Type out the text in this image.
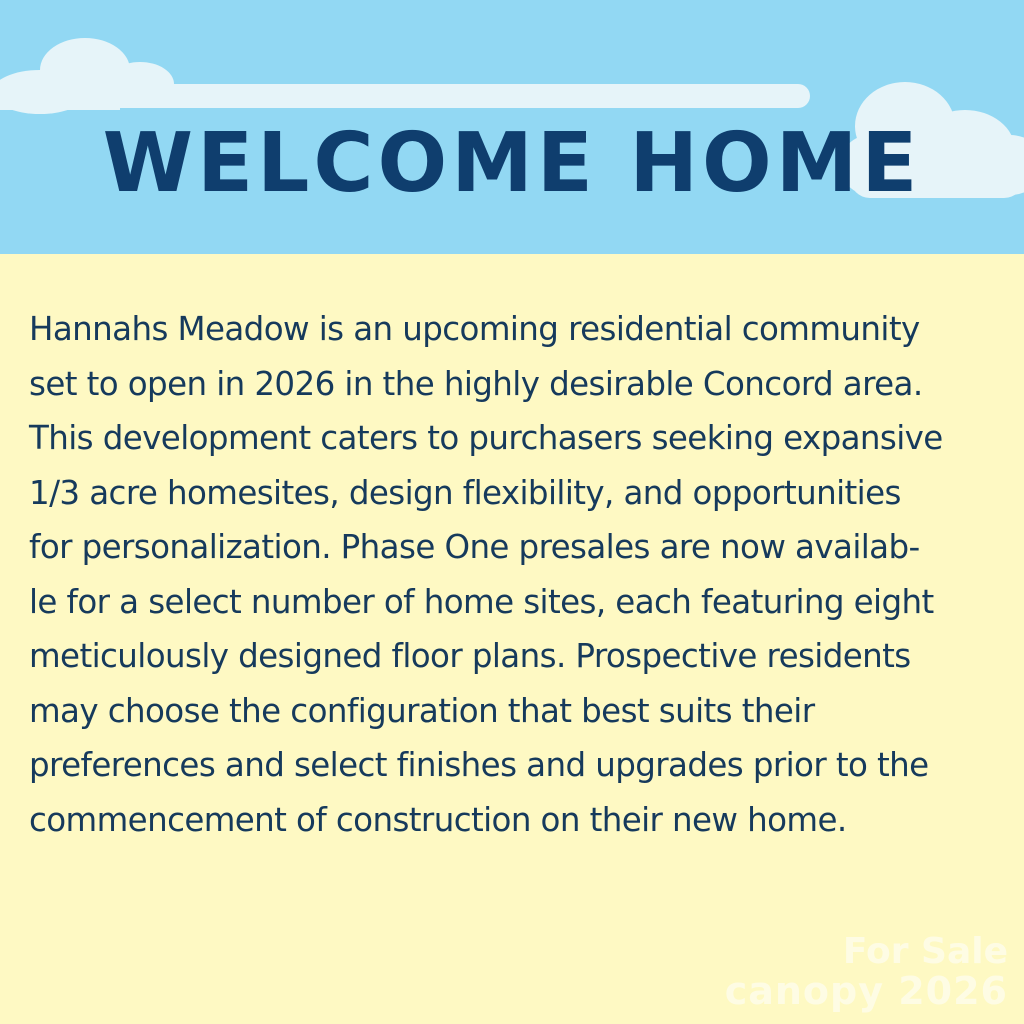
WELCOME HOME

Hannahs Meadow is an upcoming residential community
set to open in 2026 in the highly desirable Concord area.
This development caters to purchasers seeking expansive
1/3 acre homesites, design flexibility, and opportunities
for personalization. Phase One presales are now availab-
le for a select number of home sites, each featuring eight
meticulously designed floor plans. Prospective residents
may choose the configuration that best suits their
preferences and select finishes and upgrades prior to the
commencement of construction on their new home.

For Sale
canopy 2026
